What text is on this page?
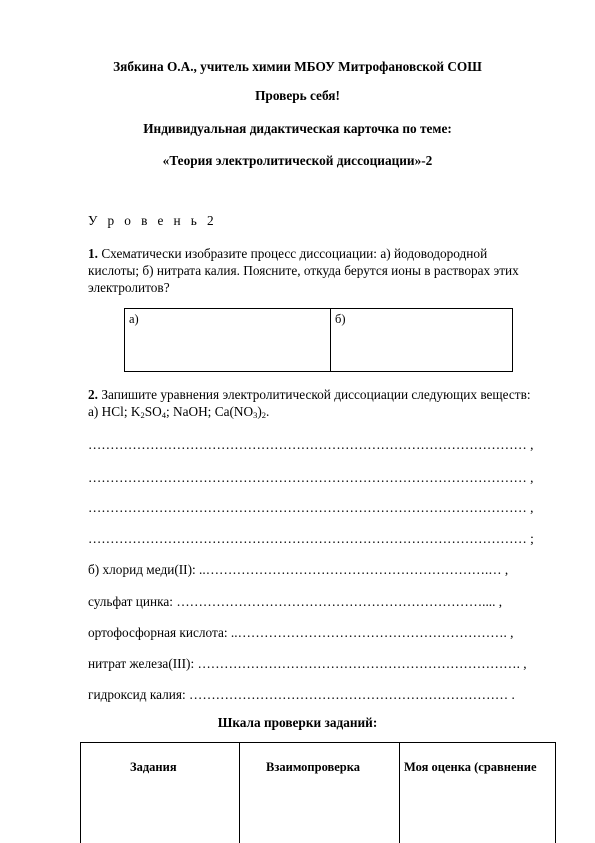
Зябкина О.А., учитель химии МБОУ Митрофановской СОШ
Проверь себя!
Индивидуальная дидактическая карточка по теме:
«Теория электролитической диссоциации»-2
У р о в е н ь 2
1. Схематически изобразите процесс диссоциации: а) йодоводородной
кислоты; б) нитрата калия. Поясните, откуда берутся ионы в растворах этих
электролитов?
а)	б)
2. Запишите уравнения электролитической диссоциации следующих веществ:
а) HCl; $K_2SO_4$; NaOH; $Ca(NO_3)_2$.
……………………………………………………………………………………… ,
……………………………………………………………………………………… ,
……………………………………………………………………………………… ,
……………………………………………………………………………………… ;
б) хлорид меди(II): ..……………………………………………………….… ,
сульфат цинка: …………………………………………………………….... ,
ортофосфорная кислота: ..……………………………………………………. ,
нитрат железа(III): ………………………………………………………………. ,
гидроксид калия: ……………………………………………………………… .
Шкала проверки заданий:
Задания	Взаимопроверка	Моя оценка (сравнение
